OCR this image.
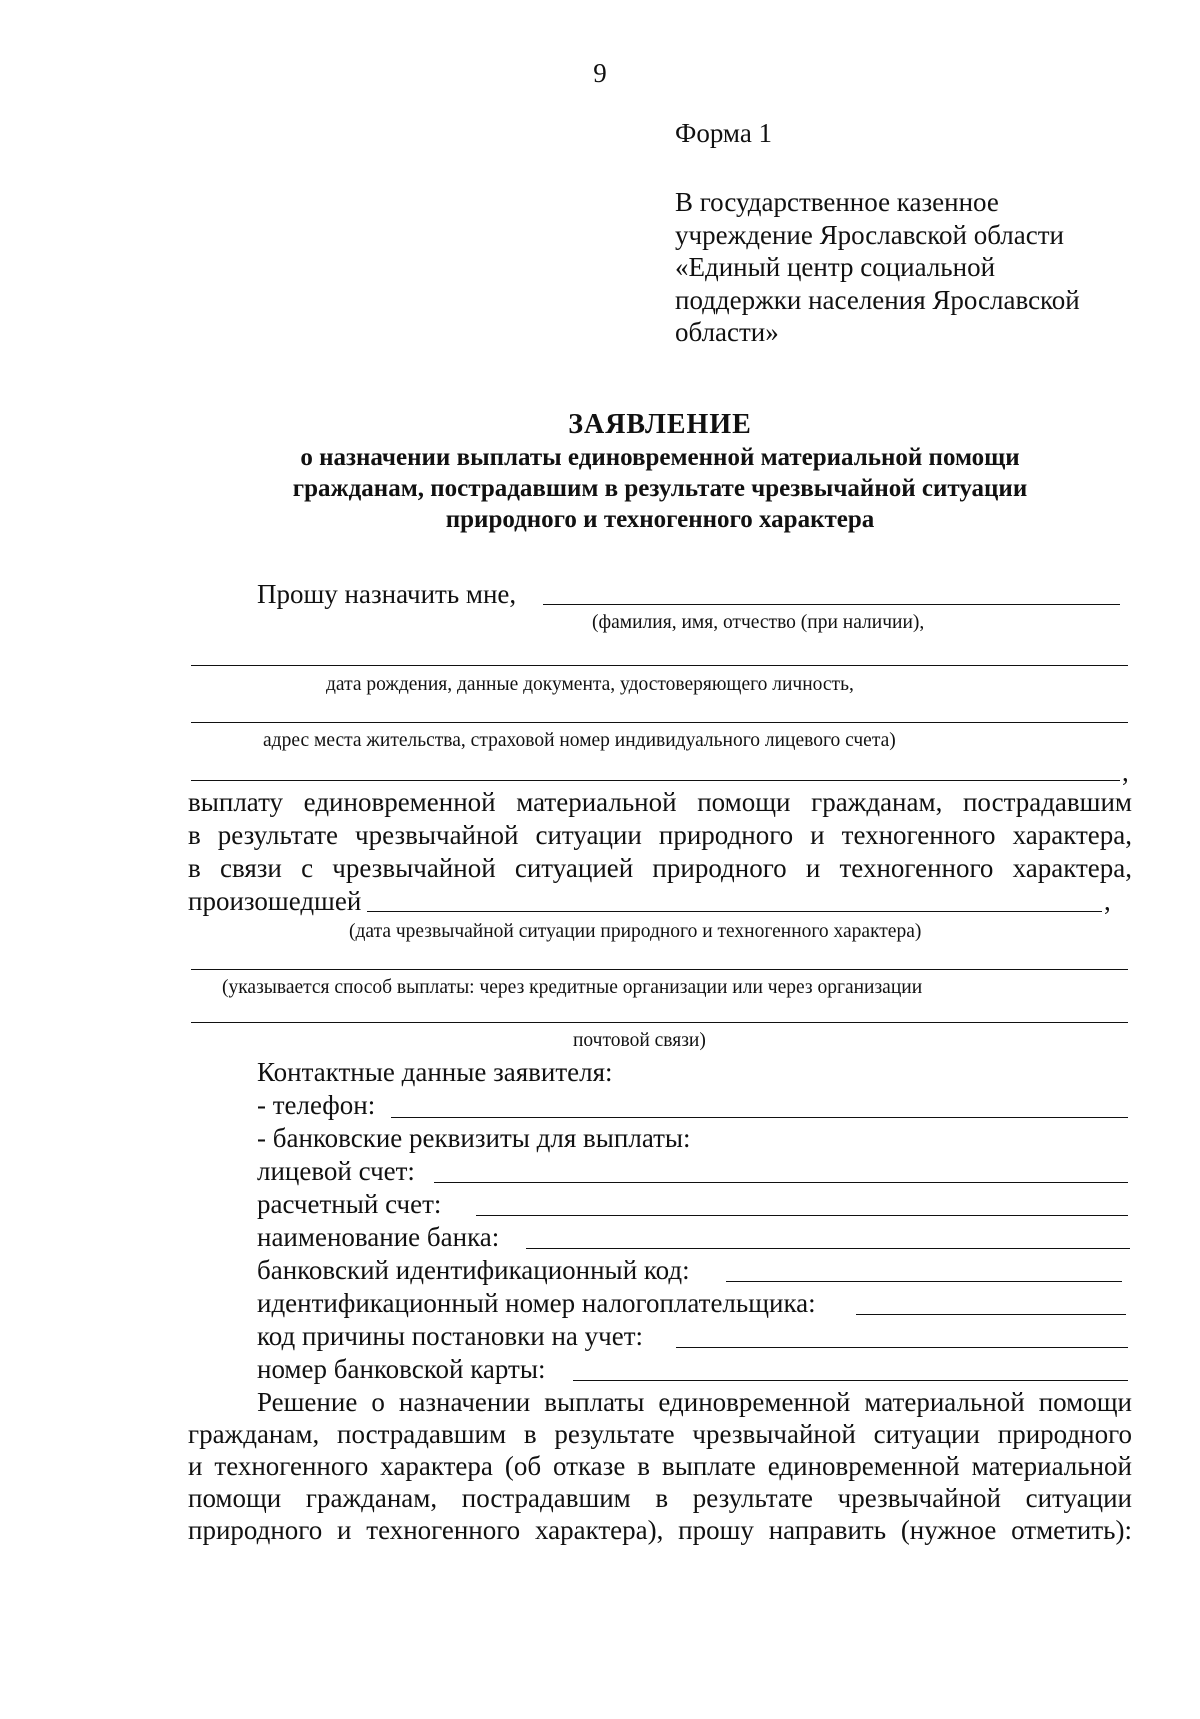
9
Форма 1
В государственное казенное
учреждение Ярославской области
«Единый центр социальной
поддержки населения Ярославской
области»
ЗАЯВЛЕНИЕ
о назначении выплаты единовременной материальной помощи
гражданам, пострадавшим в результате чрезвычайной ситуации
природного и техногенного характера
Прошу назначить мне,
(фамилия, имя, отчество (при наличии),
дата рождения, данные документа, удостоверяющего личность,
адрес места жительства, страховой номер индивидуального лицевого счета)
,
выплату единовременной материальной помощи гражданам, пострадавшим
в результате чрезвычайной ситуации природного и техногенного характера,
в связи с чрезвычайной ситуацией природного и техногенного характера,
произошедшей	,
(дата чрезвычайной ситуации природного и техногенного характера)
(указывается способ выплаты: через кредитные организации или через организации
почтовой связи)
Контактные данные заявителя:
- телефон:
- банковские реквизиты для выплаты:
лицевой счет:
расчетный счет:
наименование банка:
банковский идентификационный код:
идентификационный номер налогоплательщика:
код причины постановки на учет:
номер банковской карты:
Решение о назначении выплаты единовременной материальной помощи
гражданам, пострадавшим в результате чрезвычайной ситуации природного
и техногенного характера (об отказе в выплате единовременной материальной
помощи гражданам, пострадавшим в результате чрезвычайной ситуации
природного и техногенного характера), прошу направить (нужное отметить):
